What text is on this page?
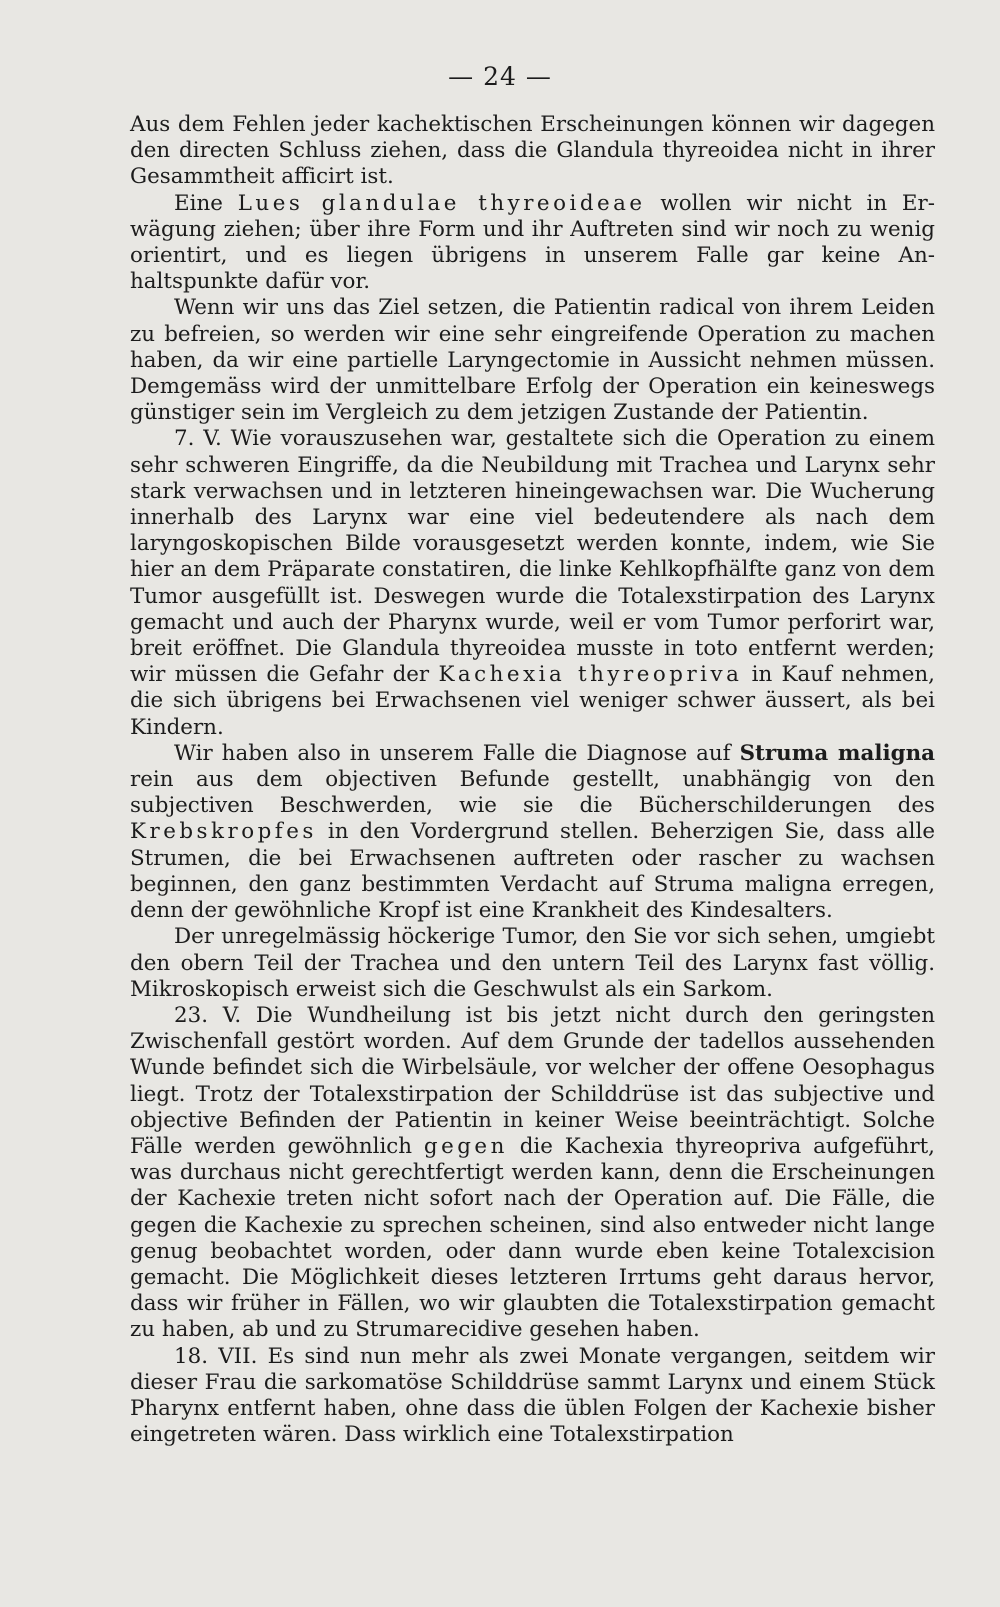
— 24 —

Aus dem Fehlen jeder kachektischen Erscheinungen können wir dagegen den directen Schluss ziehen, dass die Glandula thyreoidea nicht in ihrer Gesammtheit afficirt ist.

Eine Lues glandulae thyreoideae wollen wir nicht in Erwägung ziehen; über ihre Form und ihr Auftreten sind wir noch zu wenig orientirt, und es liegen übrigens in unserem Falle gar keine Anhaltspunkte dafür vor.

Wenn wir uns das Ziel setzen, die Patientin radical von ihrem Leiden zu befreien, so werden wir eine sehr eingreifende Operation zu machen haben, da wir eine partielle Laryngectomie in Aussicht nehmen müssen. Demgemäss wird der unmittelbare Erfolg der Operation ein keineswegs günstiger sein im Vergleich zu dem jetzigen Zustande der Patientin.

7. V. Wie vorauszusehen war, gestaltete sich die Operation zu einem sehr schweren Eingriffe, da die Neubildung mit Trachea und Larynx sehr stark verwachsen und in letzteren hineingewachsen war. Die Wucherung innerhalb des Larynx war eine viel bedeutendere als nach dem laryngoskopischen Bilde vorausgesetzt werden konnte, indem, wie Sie hier an dem Präparate constatiren, die linke Kehlkopfhälfte ganz von dem Tumor ausgefüllt ist. Deswegen wurde die Totalexstirpation des Larynx gemacht und auch der Pharynx wurde, weil er vom Tumor perforirt war, breit eröffnet. Die Glandula thyreoidea musste in toto entfernt werden; wir müssen die Gefahr der Kachexia thyreopriva in Kauf nehmen, die sich übrigens bei Erwachsenen viel weniger schwer äussert, als bei Kindern.

Wir haben also in unserem Falle die Diagnose auf Struma maligna rein aus dem objectiven Befunde gestellt, unabhängig von den subjectiven Beschwerden, wie sie die Bücherschilderungen des Krebskropfes in den Vordergrund stellen. Beherzigen Sie, dass alle Strumen, die bei Erwachsenen auftreten oder rascher zu wachsen beginnen, den ganz bestimmten Verdacht auf Struma maligna erregen, denn der gewöhnliche Kropf ist eine Krankheit des Kindesalters.

Der unregelmässig höckerige Tumor, den Sie vor sich sehen, umgiebt den obern Teil der Trachea und den untern Teil des Larynx fast völlig. Mikroskopisch erweist sich die Geschwulst als ein Sarkom.

23. V. Die Wundheilung ist bis jetzt nicht durch den geringsten Zwischenfall gestört worden. Auf dem Grunde der tadellos aussehenden Wunde befindet sich die Wirbelsäule, vor welcher der offene Oesophagus liegt. Trotz der Totalexstirpation der Schilddrüse ist das subjective und objective Befinden der Patientin in keiner Weise beeinträchtigt. Solche Fälle werden gewöhnlich gegen die Kachexia thyreopriva aufgeführt, was durchaus nicht gerechtfertigt werden kann, denn die Erscheinungen der Kachexie treten nicht sofort nach der Operation auf. Die Fälle, die gegen die Kachexie zu sprechen scheinen, sind also entweder nicht lange genug beobachtet worden, oder dann wurde eben keine Totalexcision gemacht. Die Möglichkeit dieses letzteren Irrtums geht daraus hervor, dass wir früher in Fällen, wo wir glaubten die Totalexstirpation gemacht zu haben, ab und zu Strumarecidive gesehen haben.

18. VII. Es sind nun mehr als zwei Monate vergangen, seitdem wir dieser Frau die sarkomatöse Schilddrüse sammt Larynx und einem Stück Pharynx entfernt haben, ohne dass die üblen Folgen der Kachexie bisher eingetreten wären. Dass wirklich eine Totalexstirpation
